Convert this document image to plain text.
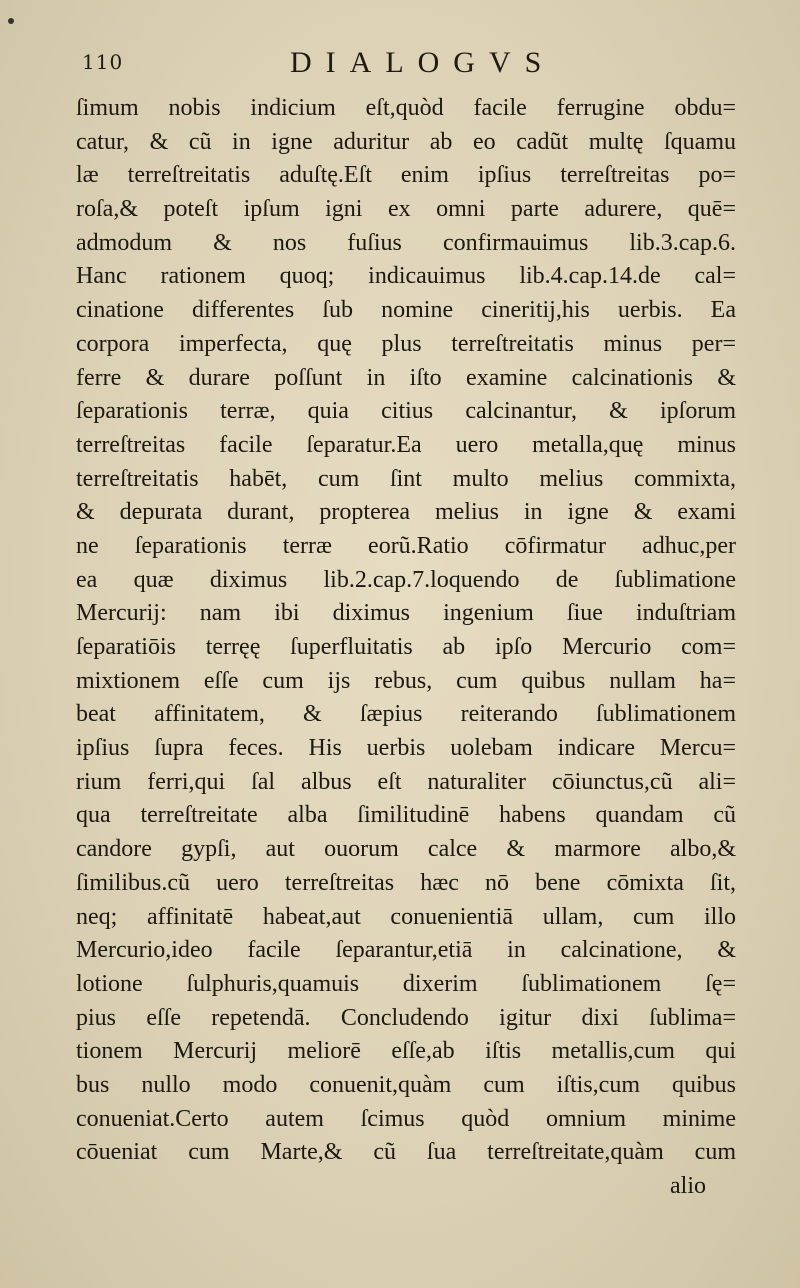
110	DIALOGVS
ſimum nobis indicium eſt,quòd facile ferrugine obdu=
catur, & cũ in igne aduritur ab eo cadũt multę ſquamu
læ terreſtreitatis aduſtę.Eſt enim ipſius terreſtreitas po=
roſa,& poteſt ipſum igni ex omni parte adurere, quē=
admodum & nos fuſius confirmauimus lib.3.cap.6.
Hanc rationem quoq; indicauimus lib.4.cap.14.de cal=
cinatione differentes ſub nomine cineritij,his uerbis. Ea
corpora imperfecta, quę plus terreſtreitatis minus per=
ferre & durare poſſunt in iſto examine calcinationis &
ſeparationis terræ, quia citius calcinantur, & ipſorum
terreſtreitas facile ſeparatur.Ea uero metalla,quę minus
terreſtreitatis habēt, cum ſint multo melius commixta,
& depurata durant, propterea melius in igne & exami
ne ſeparationis terræ eorũ.Ratio cōfirmatur adhuc,per
ea quæ diximus lib.2.cap.7.loquendo de ſublimatione
Mercurij: nam ibi diximus ingenium ſiue induſtriam
ſeparatiōis terręę ſuperfluitatis ab ipſo Mercurio com=
mixtionem eſſe cum ijs rebus, cum quibus nullam ha=
beat affinitatem, & ſæpius reiterando ſublimationem
ipſius ſupra feces. His uerbis uolebam indicare Mercu=
rium ferri,qui ſal albus eſt naturaliter cōiunctus,cũ ali=
qua terreſtreitate alba ſimilitudinē habens quandam cũ
candore gypſi, aut ouorum calce & marmore albo,&
ſimilibus.cũ uero terreſtreitas hæc nō bene cōmixta ſit,
neq; affinitatē habeat,aut conuenientiā ullam, cum illo
Mercurio,ideo facile ſeparantur,etiā in calcinatione, &
lotione ſulphuris,quamuis dixerim ſublimationem ſę=
pius eſſe repetendā. Concludendo igitur dixi ſublima=
tionem Mercurij meliorē eſſe,ab iſtis metallis,cum qui
bus nullo modo conuenit,quàm cum iſtis,cum quibus
conueniat.Certo autem ſcimus quòd omnium minime
cōueniat cum Marte,& cũ ſua terreſtreitate,quàm cum
alio
